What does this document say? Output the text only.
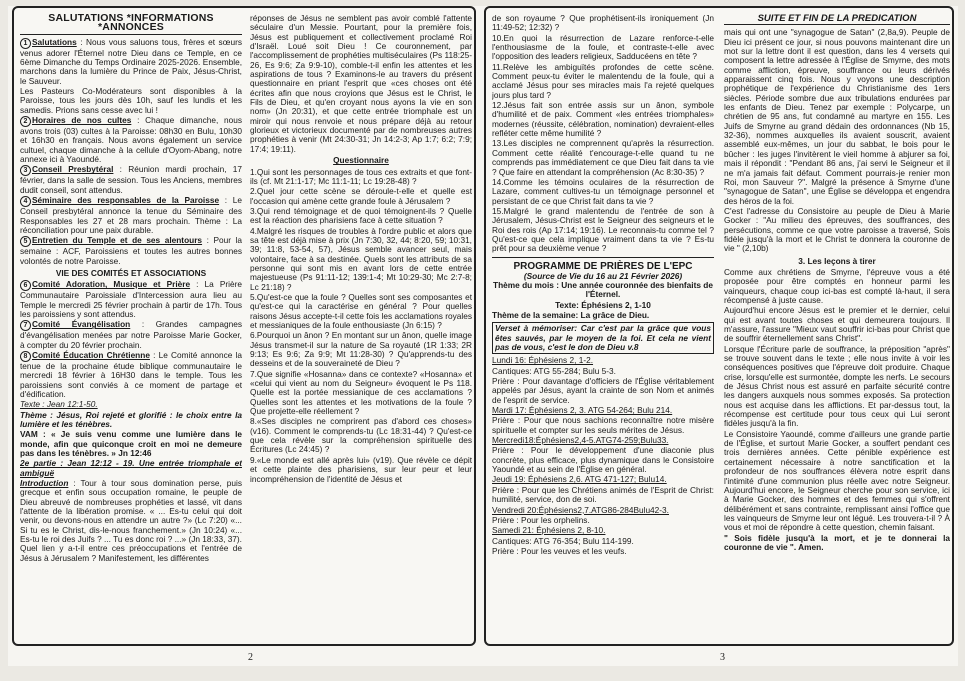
SALUTATIONS *INFORMATIONS *ANNONCES

1 Salutations : Nous vous saluons tous, frères et sœurs venus adorer l'Éternel notre Dieu dans ce Temple, en ce 6ème Dimanche du Temps Ordinaire 2025-2026. Ensemble, marchons dans la lumière du Prince de Paix, Jésus-Christ, le Sauveur.

Les Pasteurs Co-Modérateurs sont disponibles à la Paroisse, tous les jours dès 10h, sauf les lundis et les samedis. Prions sans cesse avec lui !

2 Horaires de nos cultes : Chaque dimanche, nous avons trois (03) cultes à la Paroisse: 08h30 en Bulu, 10h30 et 16h30 en français. Nous avons également un service cultuel, chaque dimanche à la cellule d'Oyom-Abang, notre annexe ici à Yaoundé.

3 Conseil Presbytéral : Réunion mardi prochain, 17 février, dans la salle de session. Tous les Anciens, membres dudit conseil, sont attendus.

4 Séminaire des responsables de la Paroisse : Le Conseil presbytéral annonce la tenue du Séminaire des Responsables les 27 et 28 mars prochain. Thème : La réconciliation pour une paix durable.

5 Entretien du Temple et de ses alentours : Pour la semaine : ACF, Paroissiens et toutes les autres bonnes volontés de notre Paroisse.

VIE DES COMITÉS ET ASSOCIATIONS

6 Comité Adoration, Musique et Prière : La Prière Communautaire Paroissiale d'Intercession aura lieu au Temple le mercredi 25 février prochain à partir de 17h. Tous les paroissiens y sont attendus.

7 Comité Évangélisation : Grandes campagnes d'évangélisation menées par notre Paroisse Marie Gocker, à compter du 20 février prochain.

8 Comité Éducation Chrétienne : Le Comité annonce la tenue de la prochaine étude biblique communautaire le mercredi 18 février à 16H30 dans le temple. Tous les paroissiens sont conviés à ce moment de partage et d'édification.

Texte : Jean 12:1-50.

Thème : Jésus, Roi rejeté et glorifié : le choix entre la lumière et les ténèbres.

VAM : « Je suis venu comme une lumière dans le monde, afin que quiconque croit en moi ne demeure pas dans les ténèbres. » Jn 12:46

2e partie : Jean 12:12 - 19. Une entrée triomphale et ambiguë

Introduction : Tour à tour sous domination perse, puis grecque et enfin sous occupation romaine, le peuple de Dieu abreuvé de nombreuses prophéties et lassé, vit dans l'attente de la libération promise. « ... Es-tu celui qui doit venir, ou devons-nous en attendre un autre ?» (Lc 7:20) «... Si tu es le Christ, dis-le-nous franchement.» (Jn 10:24) «... Es-tu le roi des Juifs ? ... Tu es donc roi ? ...» (Jn 18:33, 37). Quel lien y a-t-il entre ces préoccupations et l'entrée de Jésus à Jérusalem ? Manifestement, les différentes

réponses de Jésus ne semblent pas avoir comblé l'attente séculaire d'un Messie. Pourtant, pour la première fois, Jésus est publiquement et collectivement proclamé Roi d'Israël. Loué soit Dieu ! Ce couronnement, par l'accomplissement de prophéties multiséculaires (Ps 118:25-26, Es 9:6; Za 9:9-10), comble-t-il enfin les attentes et les aspirations de tous ? Examinons-le au travers du présent questionnaire en priant l'esprit que «ces choses ont été écrites afin que nous croyions que Jésus est le Christ, le Fils de Dieu, et qu'en croyant nous ayons la vie en son nom» (Jn 20:31), et que cette entrée triomphale est un miroir qui nous renvoie et nous prépare déjà au retour glorieux et victorieux documenté par de nombreuses autres prophéties à venir (Mt 24:30-31; Jn 14:2-3; Ap 1:7; 6:2; 7:9; 17:4; 19:11).

Questionnaire

1.Qui sont les personnages de tous ces extraits et que font-ils (cf. Mt 21:1-17; Mc 11:1-11; Lc 19:28-48) ?

2.Quel jour cette scène se déroule-t-elle et quelle est l'occasion qui amène cette grande foule à Jérusalem ?

3.Qui rend témoignage et de quoi témoignent-ils ? Quelle est la réaction des pharisiens face à cette situation ?

4.Malgré les risques de troubles à l'ordre public et alors que sa tête est déjà mise à prix (Jn 7:30, 32, 44; 8:20, 59; 10:31, 39; 11:8, 53-54, 57), Jésus semble avancer seul, mais volontaire, face à sa destinée. Quels sont les attributs de sa personne qui sont mis en avant lors de cette entrée majestueuse (Ps 91:11-12; 139:1-4; Mt 10:29-30; Mc 2:7-8; Lc 21:18) ?

5.Qu'est-ce que la foule ? Quelles sont ses composantes et qu'est-ce qui la caractérise en général ? Pour quelles raisons Jésus accepte-t-il cette fois les acclamations royales et messianiques de la foule enthousiaste (Jn 6:15) ?

6.Pourquoi un ânon ? En montant sur un ânon, quelle image Jésus transmet-il sur la nature de Sa royauté (1R 1:33; 2R 9:13; Es 9:6; Za 9:9; Mt 11:28-30) ? Qu'apprends-tu des desseins et de la souveraineté de Dieu ?

7.Que signifie «Hosanna» dans ce contexte? «Hosanna» et «celui qui vient au nom du Seigneur» évoquent le Ps 118. Quelle est la portée messianique de ces acclamations ? Quelles sont les attentes et les motivations de la foule ? Que projette-elle réellement ?

8.«Ses disciples ne comprirent pas d'abord ces choses» (v16). Comment le comprends-tu (Lc 18:31-44) ? Qu'est-ce que cela révèle sur la compréhension spirituelle des Écritures (Lc 24:45) ?

9.«Le monde est allé après lui» (v19). Que révèle ce dépit et cette plainte des pharisiens, sur leur peur et leur incompréhension de l'identité de Jésus et

de son royaume ? Que prophétisent-ils ironiquement (Jn 11:49-52; 12:32) ?

10.En quoi la résurrection de Lazare renforce-t-elle l'enthousiasme de la foule, et contraste-t-elle avec l'opposition des leaders religieux, Sadducéens en tête ?

11.Relève les ambiguïtés profondes de cette scène. Comment peux-tu éviter le malentendu de la foule, qui a acclamé Jésus pour ses miracles mais l'a rejeté quelques jours plus tard ?

12.Jésus fait son entrée assis sur un ânon, symbole d'humilité et de paix. Comment «les entrées triomphales» modernes (réussite, célébration, nomination) devraient-elles refléter cette même humilité ?

13.Les disciples ne comprennent qu'après la résurrection. Comment cette réalité t'encourage-t-elle quand tu ne comprends pas immédiatement ce que Dieu fait dans ta vie ? Que faire en attendant la compréhension (Ac 8:30-35) ?

14.Comme les témoins oculaires de la résurrection de Lazare, comment cultives-tu un témoignage personnel et persistant de ce que Christ fait dans ta vie ?

15.Malgré le grand malentendu de l'entrée de son à Jérusalem, Jésus-Christ est le Seigneur des seigneurs et le Roi des rois (Ap 17:14; 19:16). Le reconnais-tu comme tel ? Qu'est-ce que cela implique vraiment dans ta vie ? Es-tu prêt pour sa deuxième venue ?

PROGRAMME DE PRIÈRES DE L'EPC
(Source de Vie du 16 au 21 Février 2026)

Thème du mois : Une année couronnée des bienfaits de l'Éternel.

Texte: Éphésiens 2, 1-10

Thème de la semaine: La grâce de Dieu.

Verset à mémoriser: Car c'est par la grâce que vous êtes sauvés, par le moyen de la foi. Et cela ne vient pas de vous, c'est le don de Dieu v.8

Lundi 16: Éphésiens 2, 1-2.

Cantiques: ATG 55-284; Bulu 5-3.

Prière : Pour davantage d'officiers de l'Église véritablement appelés par Jésus, ayant la crainte de son Nom et animés de l'esprit de service.

Mardi 17: Éphésiens 2, 3. ATG 54-264; Bulu 214.

Prière : Pour que nous sachions reconnaître notre misère spirituelle et compter sur les seuls mérites de Jésus.

Mercredi18:Éphésiens2,4-5.ATG74-259;Bulu33.

Prière : Pour le développement d'une diaconie plus concrète, plus efficace, plus dynamique dans le Consistoire Yaoundé et au sein de l'Église en général.

Jeudi 19: Éphésiens 2,6. ATG 471-127; Bulu14.

Prière : Pour que les Chrétiens animés de l'Esprit de Christ: humilité, service, don de soi.

Vendredi 20:Éphésiens2,7.ATG86-284Bulu42-3.

Prière : Pour les orphelins.

Samedi 21: Éphésiens 2, 8-10.

Cantiques: ATG 76-354; Bulu 114-199.

Prière : Pour les veuves et les veufs.

SUITE ET FIN DE LA PRÉDICATION

mais qui ont une "synagogue de Satan" (2,8a,9). Peuple de Dieu ici présent ce jour, si nous pouvons maintenant dire un mot sur la lettre dont il est question, dans les 4 versets qui composent la lettre adressée à l'Église de Smyrne, des mots comme affliction, épreuve, souffrance ou leurs dérivés apparaissent cinq fois. Nous y voyons une description prophétique de l'expérience du Christianisme des 1ers siècles. Période sombre due aux tribulations endurées par les enfants de Dieu. Tenez par exemple : Polycarpe, un chrétien de 95 ans, fut condamné au martyre en 155. Les Juifs de Smyrne au grand dédain des ordonnances (Nb 15, 32-36), nommes auxquelles ils avaient souscrit, avaient assemblé eux-mêmes, un jour du sabbat, le bois pour le bûcher : les juges l'invitèrent le vieil homme à abjurer sa foi, mais il répondit : "Pendant 86 ans, j'ai servi le Seigneur et il ne m'a jamais fait défaut. Comment pourrais-je renier mon Roi, mon Sauveur ?". Malgré la présence à Smyrne d'une "synagogue de Satan", une Église se développa et engendra des héros de la foi.

C'est l'adresse du Consistoire au peuple de Dieu à Marie Gocker : "Au milieu des épreuves, des souffrances, des persécutions, comme ce que votre paroisse a traversé, Sois fidèle jusqu'à la mort et le Christ te donnera la couronne de vie " (2,10b)

3. Les leçons à tirer

Comme aux chrétiens de Smyrne, l'épreuve vous a été proposée pour être comptés en honneur parmi les vainqueurs, chaque coup ici-bas est compté là-haut, il sera récompensé à juste cause.

Aujourd'hui encore Jésus est le premier et le dernier, celui qui est avant toutes choses et qui demeurera toujours. Il m'assure, l'assure "Mieux vaut souffrir ici-bas pour Christ que de souffrir éternellement sans Christ".

Lorsque l'Écriture parle de souffrance, la préposition "après" se trouve souvent dans le texte ; elle nous invite à voir les conséquences positives que l'épreuve doit produire. Chaque crise, lorsqu'elle est surmontée, dompte les nerfs. Le secours de Jésus Christ nous est assuré en parfaite sécurité contre les dangers auxquels nous sommes exposés. Sa protection nous est acquise dans les afflictions. Et par-dessus tout, la récompense est certitude pour tous ceux qui Lui seront fidèles jusqu'à la fin.

Le Consistoire Yaoundé, comme d'ailleurs une grande partie de l'Église, et surtout Marie Gocker, a souffert pendant ces trois dernières années. Cette pénible expérience est certainement nécessaire à notre sanctification et la profondeur de nos souffrances élèvera notre esprit dans l'intimité d'une communion plus réelle avec notre Seigneur. Aujourd'hui encore, le Seigneur cherche pour son service, ici à Marie Gocker, des hommes et des femmes qui s'offrent délibérément et sans contrainte, remplissant ainsi l'office que les vainqueurs de Smyrne leur ont légué. Les trouvera-t-il ? À vous et moi de répondre à cette question, chemin faisant.

" Sois fidèle jusqu'à la mort, et je te donnerai la couronne de vie ". Amen.

2	3
